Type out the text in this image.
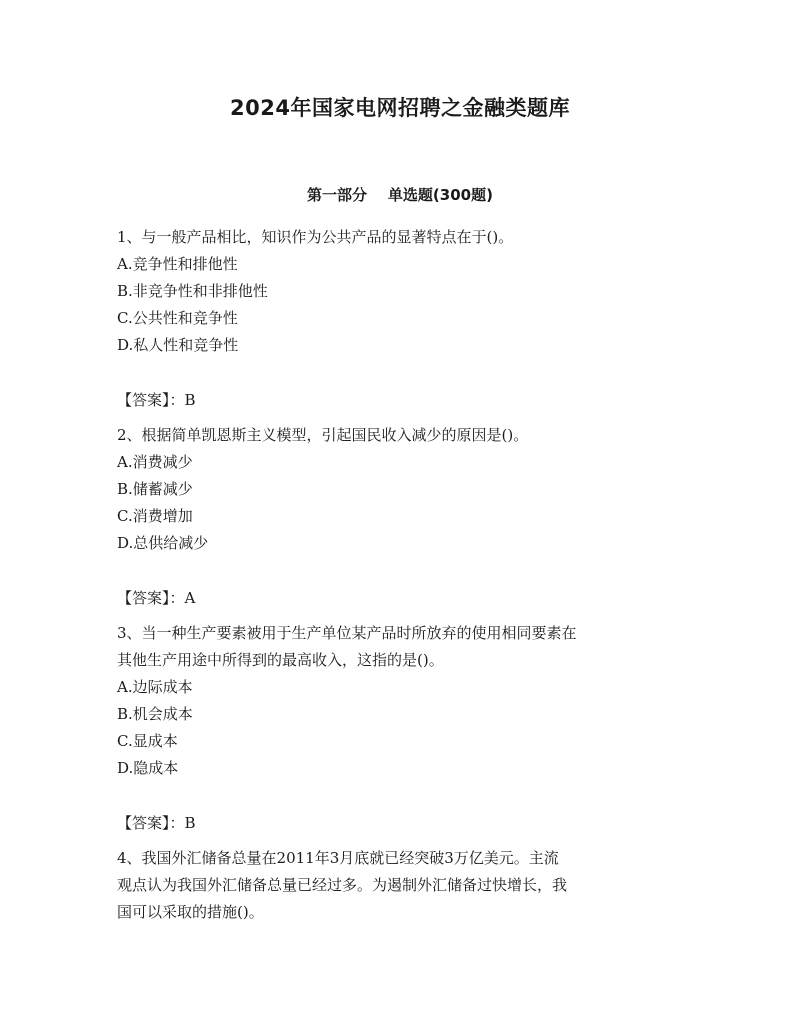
2024年国家电网招聘之金融类题库
第一部分    单选题(300题)

1、与一般产品相比，知识作为公共产品的显著特点在于()。

A.竞争性和排他性

B.非竞争性和非排他性

C.公共性和竞争性

D.私人性和竞争性

【答案】：B

2、根据简单凯恩斯主义模型，引起国民收入减少的原因是()。

A.消费减少

B.储蓄减少

C.消费增加

D.总供给减少

【答案】：A

3、当一种生产要素被用于生产单位某产品时所放弃的使用相同要素在

其他生产用途中所得到的最高收入，这指的是()。

A.边际成本

B.机会成本

C.显成本

D.隐成本

【答案】：B

4、我国外汇储备总量在2011年3月底就已经突破3万亿美元。主流

观点认为我国外汇储备总量已经过多。为遏制外汇储备过快增长，我

国可以采取的措施()。
